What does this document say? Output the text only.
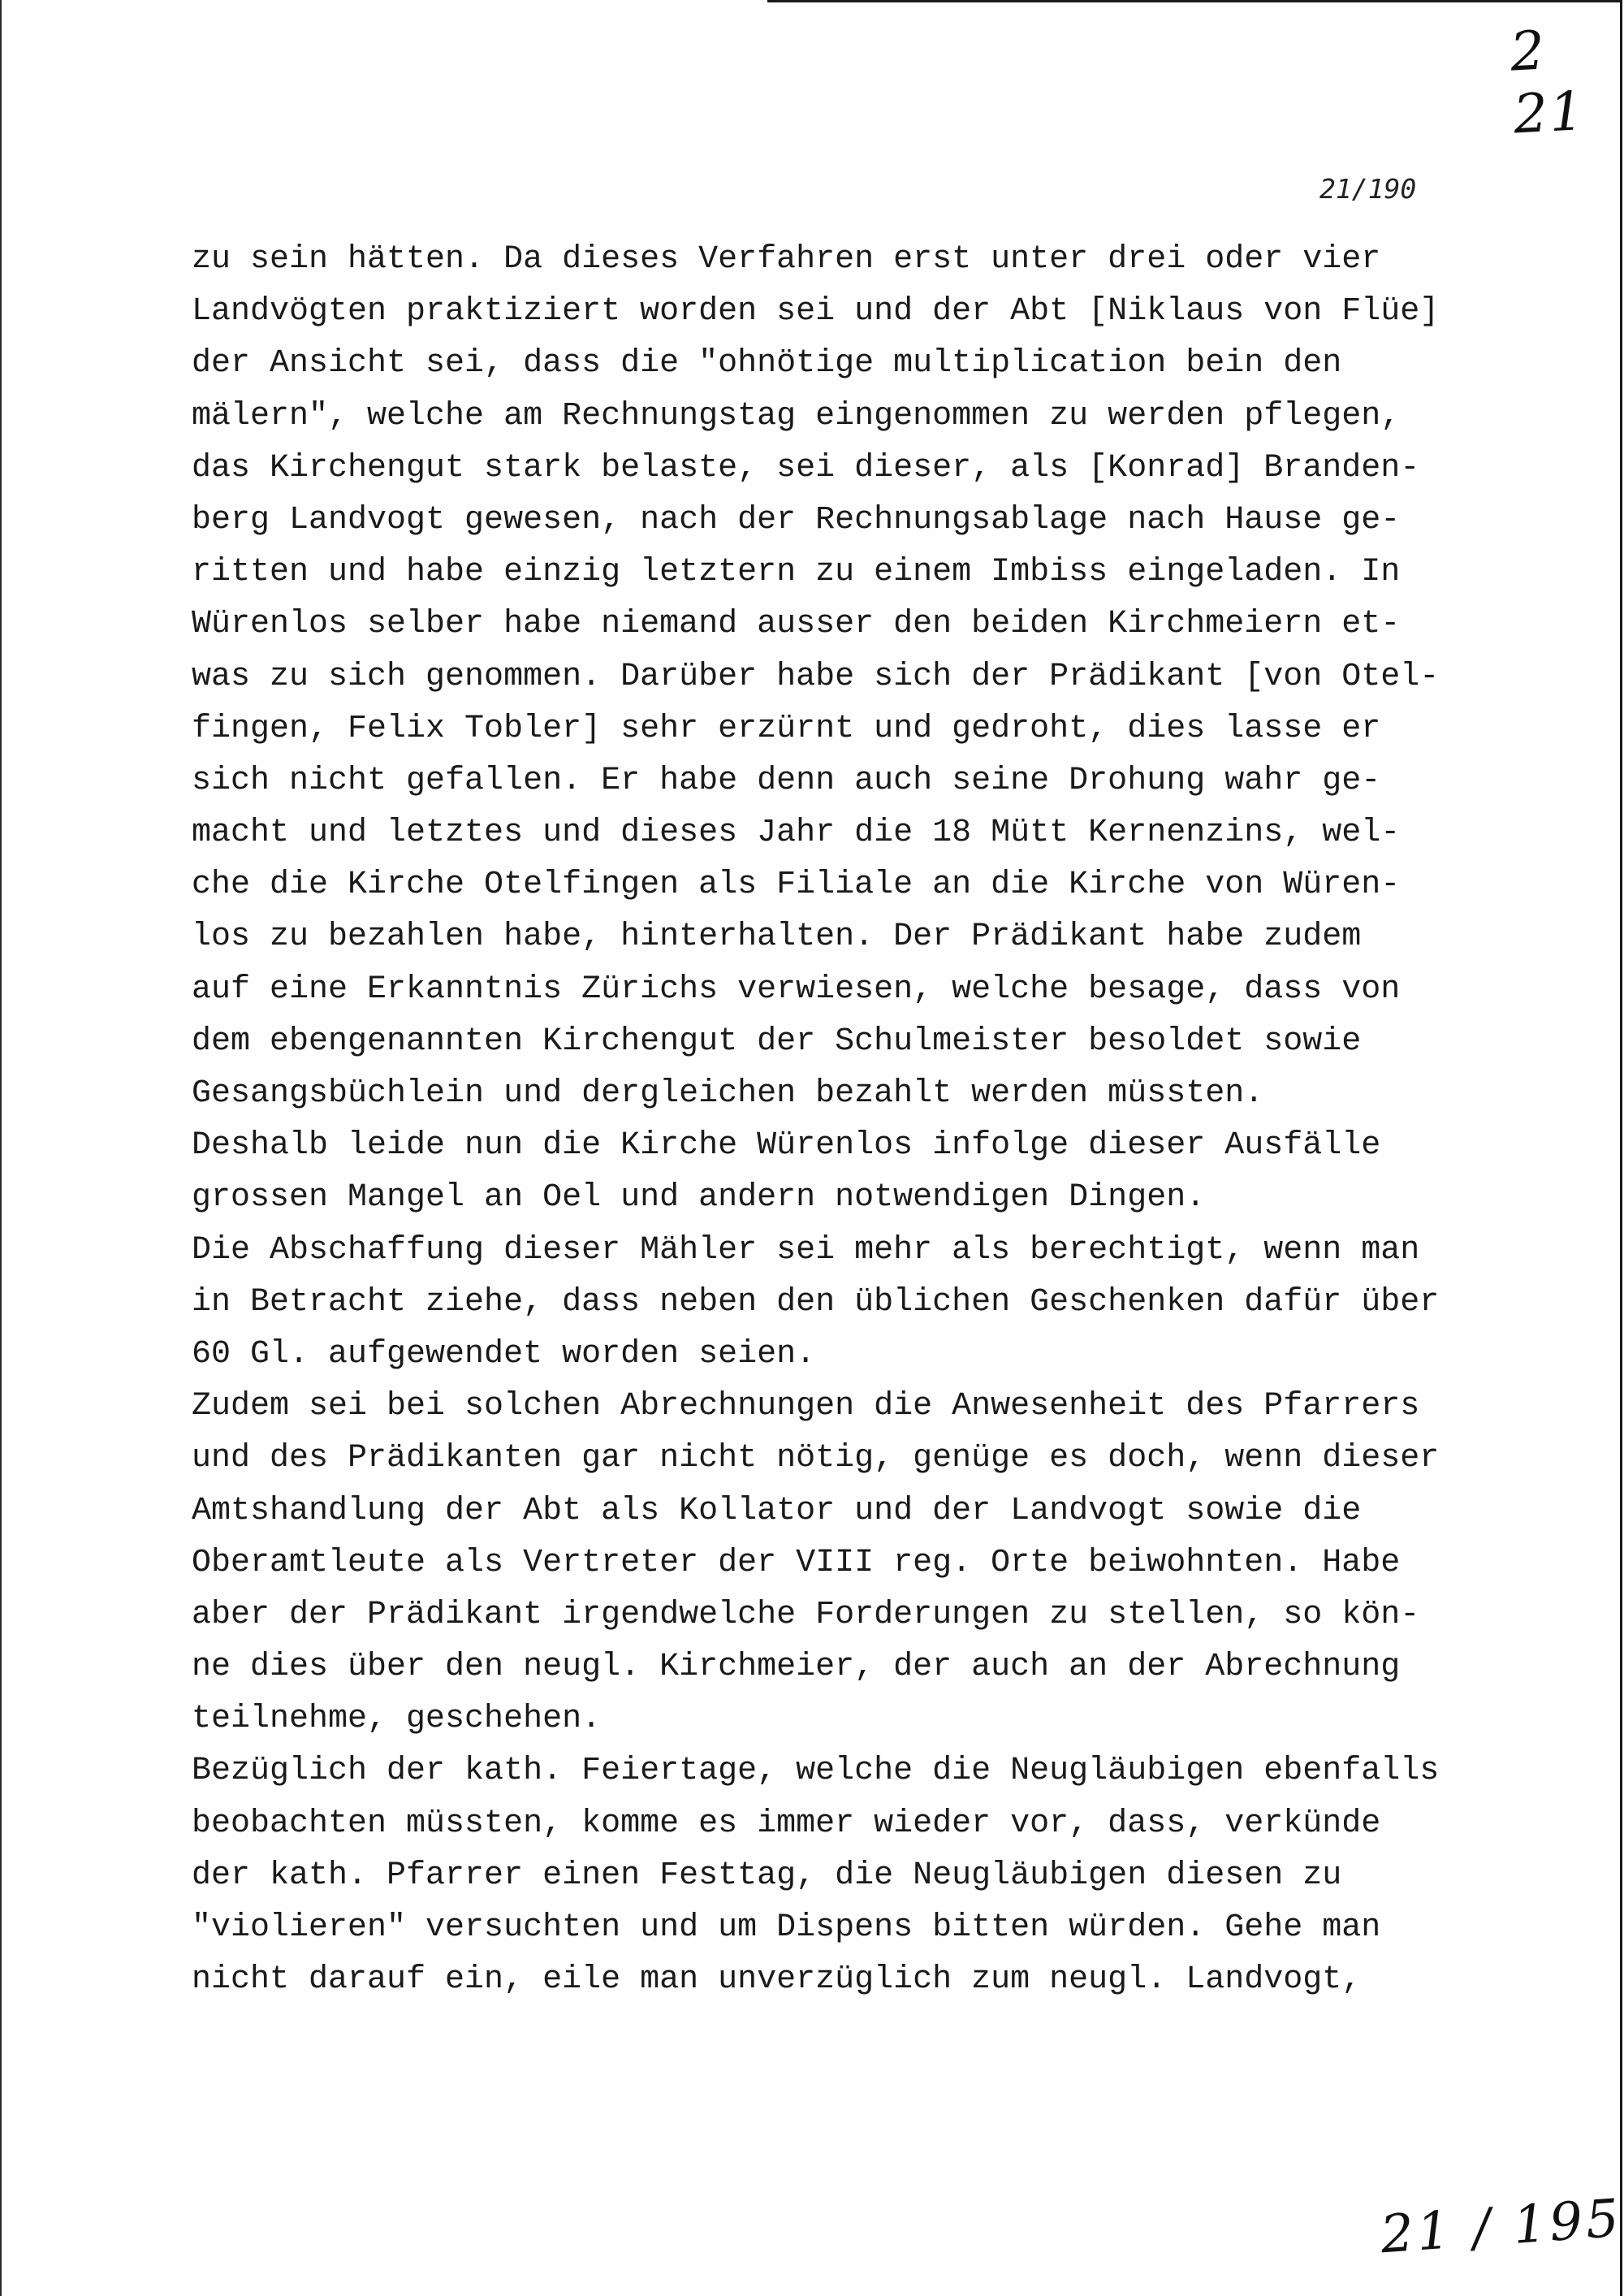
2 21
21/190
zu sein hätten. Da dieses Verfahren erst unter drei oder vier
Landvögten praktiziert worden sei und der Abt [Niklaus von Flüe]
der Ansicht sei, dass die "ohnötige multiplication bein den
mälern", welche am Rechnungstag eingenommen zu werden pflegen,
das Kirchengut stark belaste, sei dieser, als [Konrad] Branden-
berg Landvogt gewesen, nach der Rechnungsablage nach Hause ge-
ritten und habe einzig letztern zu einem Imbiss eingeladen. In
Würenlos selber habe niemand ausser den beiden Kirchmeiern et-
was zu sich genommen. Darüber habe sich der Prädikant [von Otel-
fingen, Felix Tobler] sehr erzürnt und gedroht, dies lasse er
sich nicht gefallen. Er habe denn auch seine Drohung wahr ge-
macht und letztes und dieses Jahr die 18 Mütt Kernenzins, wel-
che die Kirche Otelfingen als Filiale an die Kirche von Würen-
los zu bezahlen habe, hinterhalten. Der Prädikant habe zudem
auf eine Erkanntnis Zürichs verwiesen, welche besage, dass von
dem ebengenannten Kirchengut der Schulmeister besoldet sowie
Gesangsbüchlein und dergleichen bezahlt werden müssten.
Deshalb leide nun die Kirche Würenlos infolge dieser Ausfälle
grossen Mangel an Oel und andern notwendigen Dingen.
Die Abschaffung dieser Mähler sei mehr als berechtigt, wenn man
in Betracht ziehe, dass neben den üblichen Geschenken dafür über
60 Gl. aufgewendet worden seien.
Zudem sei bei solchen Abrechnungen die Anwesenheit des Pfarrers
und des Prädikanten gar nicht nötig, genüge es doch, wenn dieser
Amtshandlung der Abt als Kollator und der Landvogt sowie die
Oberamtleute als Vertreter der VIII reg. Orte beiwohnten. Habe
aber der Prädikant irgendwelche Forderungen zu stellen, so kön-
ne dies über den neugl. Kirchmeier, der auch an der Abrechnung
teilnehme, geschehen.
Bezüglich der kath. Feiertage, welche die Neugläubigen ebenfalls
beobachten müssten, komme es immer wieder vor, dass, verkünde
der kath. Pfarrer einen Festtag, die Neugläubigen diesen zu
"violieren" versuchten und um Dispens bitten würden. Gehe man
nicht darauf ein, eile man unverzüglich zum neugl. Landvogt,
21 / 195
